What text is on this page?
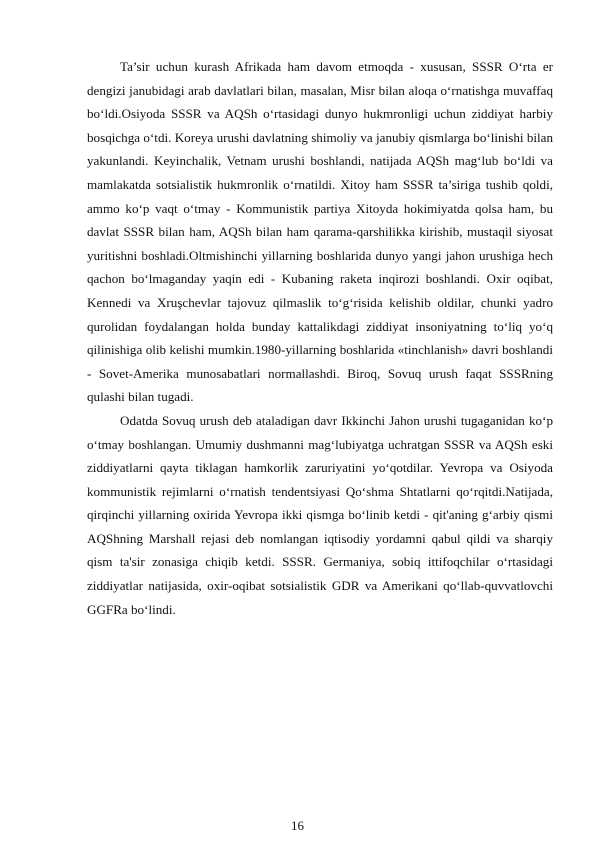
Ta’sir uchun kurash Afrikada ham davom etmoqda - xususan, SSSR O‘rta er dengizi janubidagi arab davlatlari bilan, masalan, Misr bilan aloqa o‘rnatishga muvaffaq bo‘ldi.Osiyoda SSSR va AQSh o‘rtasidagi dunyo hukmronligi uchun ziddiyat harbiy bosqichga o‘tdi. Koreya urushi davlatning shimoliy va janubiy qismlarga bo‘linishi bilan yakunlandi. Keyinchalik, Vetnam urushi boshlandi, natijada AQSh mag‘lub bo‘ldi va mamlakatda sotsialistik hukmronlik o‘rnatildi. Xitoy ham SSSR ta’siriga tushib qoldi, ammo ko‘p vaqt o‘tmay - Kommunistik partiya Xitoyda hokimiyatda qolsa ham, bu davlat SSSR bilan ham, AQSh bilan ham qarama-qarshilikka kirishib, mustaqil siyosat yuritishni boshladi.Oltmishinchi yillarning boshlarida dunyo yangi jahon urushiga hech qachon bo‘lmaganday yaqin edi - Kubaning raketa inqirozi boshlandi. Oxir oqibat, Kennedi va Xruşchevlar tajovuz qilmaslik to‘g‘risida kelishib oldilar, chunki yadro qurolidan foydalangan holda bunday kattalikdagi ziddiyat insoniyatning to‘liq yo‘q qilinishiga olib kelishi mumkin.1980-yillarning boshlarida «tinchlanish» davri boshlandi - Sovet-Amerika munosabatlari normallashdi. Biroq, Sovuq urush faqat SSSRning qulashi bilan tugadi.

Odatda Sovuq urush deb ataladigan davr Ikkinchi Jahon urushi tugaganidan ko‘p o‘tmay boshlangan. Umumiy dushmanni mag‘lubiyatga uchratgan SSSR va AQSh eski ziddiyatlarni qayta tiklagan hamkorlik zaruriyatini yo‘qotdilar. Yevropa va Osiyoda kommunistik rejimlarni o‘rnatish tendentsiyasi Qo‘shma Shtatlarni qo‘rqitdi.Natijada, qirqinchi yillarning oxirida Yevropa ikki qismga bo‘linib ketdi - qit'aning g‘arbiy qismi AQShning Marshall rejasi deb nomlangan iqtisodiy yordamni qabul qildi va sharqiy qism ta'sir zonasiga chiqib ketdi. SSSR. Germaniya, sobiq ittifoqchilar o‘rtasidagi ziddiyatlar natijasida, oxir-oqibat sotsialistik GDR va Amerikani qo‘llab-quvvatlovchi GGFRa bo‘lindi.

16
